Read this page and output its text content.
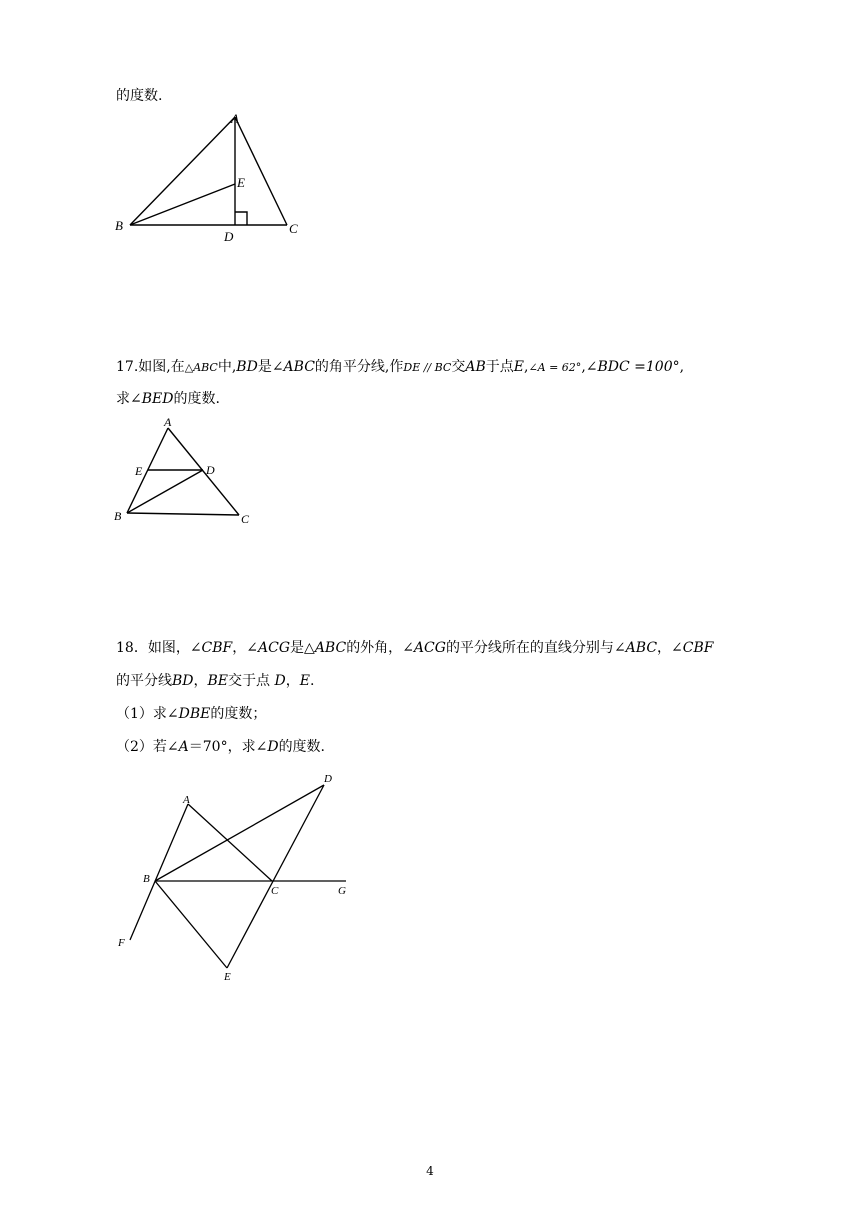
的度数.
A
B	C
D
E
17.如图,在△ABC中,BD是∠ABC的角平分线,作DE // BC交AB于点E,∠A = 62°,∠BDC =100°,
求∠BED的度数.
A
E	D
B	C
18．如图，∠CBF，∠ACG是△ABC的外角，∠ACG的平分线所在的直线分别与∠ABC，∠CBF
的平分线BD，BE交于点 D，E.
（1）求∠DBE的度数；
（2）若∠A＝70°，求∠D的度数.
A
B
C
D
E
F
G
4
